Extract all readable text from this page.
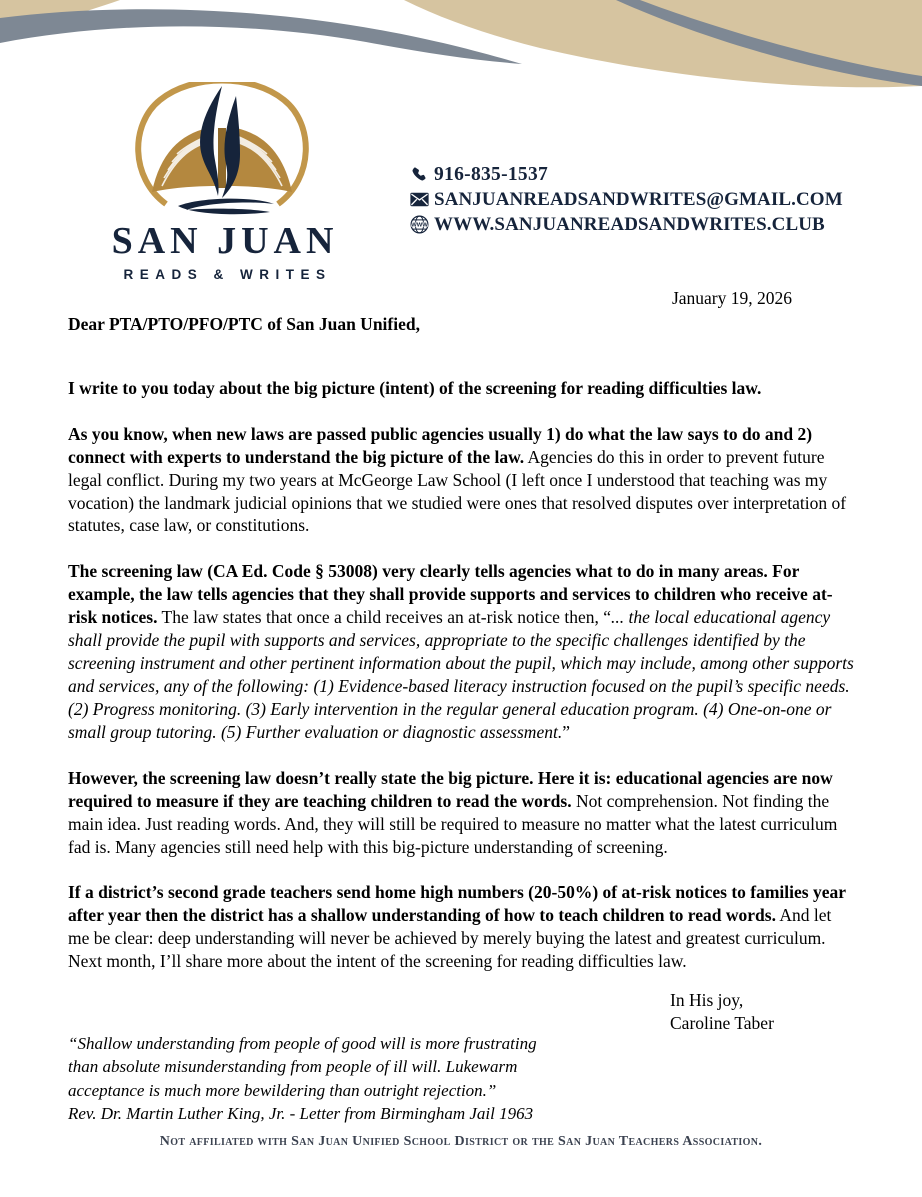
SAN JUAN
READS & WRITES
916-835-1537
SANJUANREADSANDWRITES@GMAIL.COM
WWW WWW.SANJUANREADSANDWRITES.CLUB
January 19, 2026
Dear PTA/PTO/PFO/PTC of San Juan Unified,

I write to you today about the big picture (intent) of the screening for reading difficulties law.

As you know, when new laws are passed public agencies usually 1) do what the law says to do and 2) connect with experts to understand the big picture of the law. Agencies do this in order to prevent future legal conflict. During my two years at McGeorge Law School (I left once I understood that teaching was my vocation) the landmark judicial opinions that we studied were ones that resolved disputes over interpretation of statutes, case law, or constitutions.

The screening law (CA Ed. Code § 53008) very clearly tells agencies what to do in many areas. For example, the law tells agencies that they shall provide supports and services to children who receive at-risk notices. The law states that once a child receives an at-risk notice then, “... the local educational agency shall provide the pupil with supports and services, appropriate to the specific challenges identified by the screening instrument and other pertinent information about the pupil, which may include, among other supports and services, any of the following: (1) Evidence-based literacy instruction focused on the pupil’s specific needs. (2) Progress monitoring. (3) Early intervention in the regular general education program. (4) One-on-one or small group tutoring. (5) Further evaluation or diagnostic assessment.”

However, the screening law doesn’t really state the big picture. Here it is: educational agencies are now required to measure if they are teaching children to read the words. Not comprehension. Not finding the main idea. Just reading words. And, they will still be required to measure no matter what the latest curriculum fad is. Many agencies still need help with this big-picture understanding of screening.

If a district’s second grade teachers send home high numbers (20-50%) of at-risk notices to families year after year then the district has a shallow understanding of how to teach children to read words. And let me be clear: deep understanding will never be achieved by merely buying the latest and greatest curriculum. Next month, I’ll share more about the intent of the screening for reading difficulties law.

In His joy,
Caroline Taber
“Shallow understanding from people of good will is more frustrating
than absolute misunderstanding from people of ill will. Lukewarm
acceptance is much more bewildering than outright rejection.”
Rev. Dr. Martin Luther King, Jr. - Letter from Birmingham Jail 1963
Not affiliated with San Juan Unified School District or the San Juan Teachers Association.
